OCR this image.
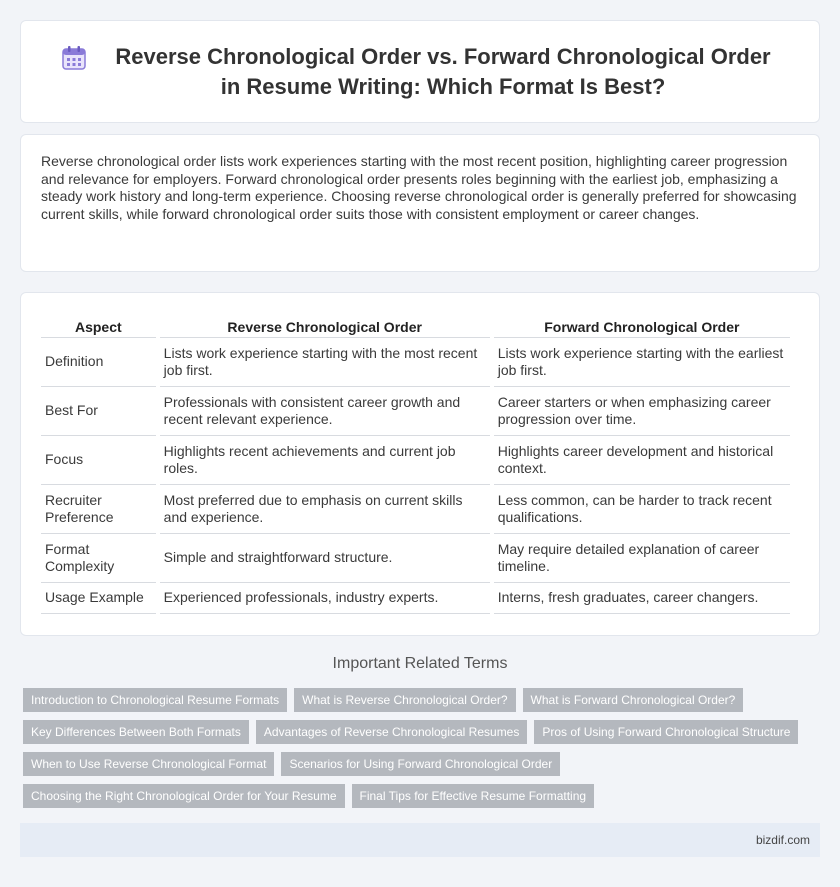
Reverse Chronological Order vs. Forward Chronological Order in Resume Writing: Which Format Is Best?

Reverse chronological order lists work experiences starting with the most recent position, highlighting career progression and relevance for employers. Forward chronological order presents roles beginning with the earliest job, emphasizing a steady work history and long-term experience. Choosing reverse chronological order is generally preferred for showcasing current skills, while forward chronological order suits those with consistent employment or career changes.

Aspect	Reverse Chronological Order	Forward Chronological Order
Definition	Lists work experience starting with the most recent job first.	Lists work experience starting with the earliest job first.
Best For	Professionals with consistent career growth and recent relevant experience.	Career starters or when emphasizing career progression over time.
Focus	Highlights recent achievements and current job roles.	Highlights career development and historical context.
Recruiter Preference	Most preferred due to emphasis on current skills and experience.	Less common, can be harder to track recent qualifications.
Format Complexity	Simple and straightforward structure.	May require detailed explanation of career timeline.
Usage Example	Experienced professionals, industry experts.	Interns, fresh graduates, career changers.
Important Related Terms
Introduction to Chronological Resume Formats	What is Reverse Chronological Order?	What is Forward Chronological Order?
Key Differences Between Both Formats	Advantages of Reverse Chronological Resumes	Pros of Using Forward Chronological Structure
When to Use Reverse Chronological Format	Scenarios for Using Forward Chronological Order
Choosing the Right Chronological Order for Your Resume	Final Tips for Effective Resume Formatting
bizdif.com
